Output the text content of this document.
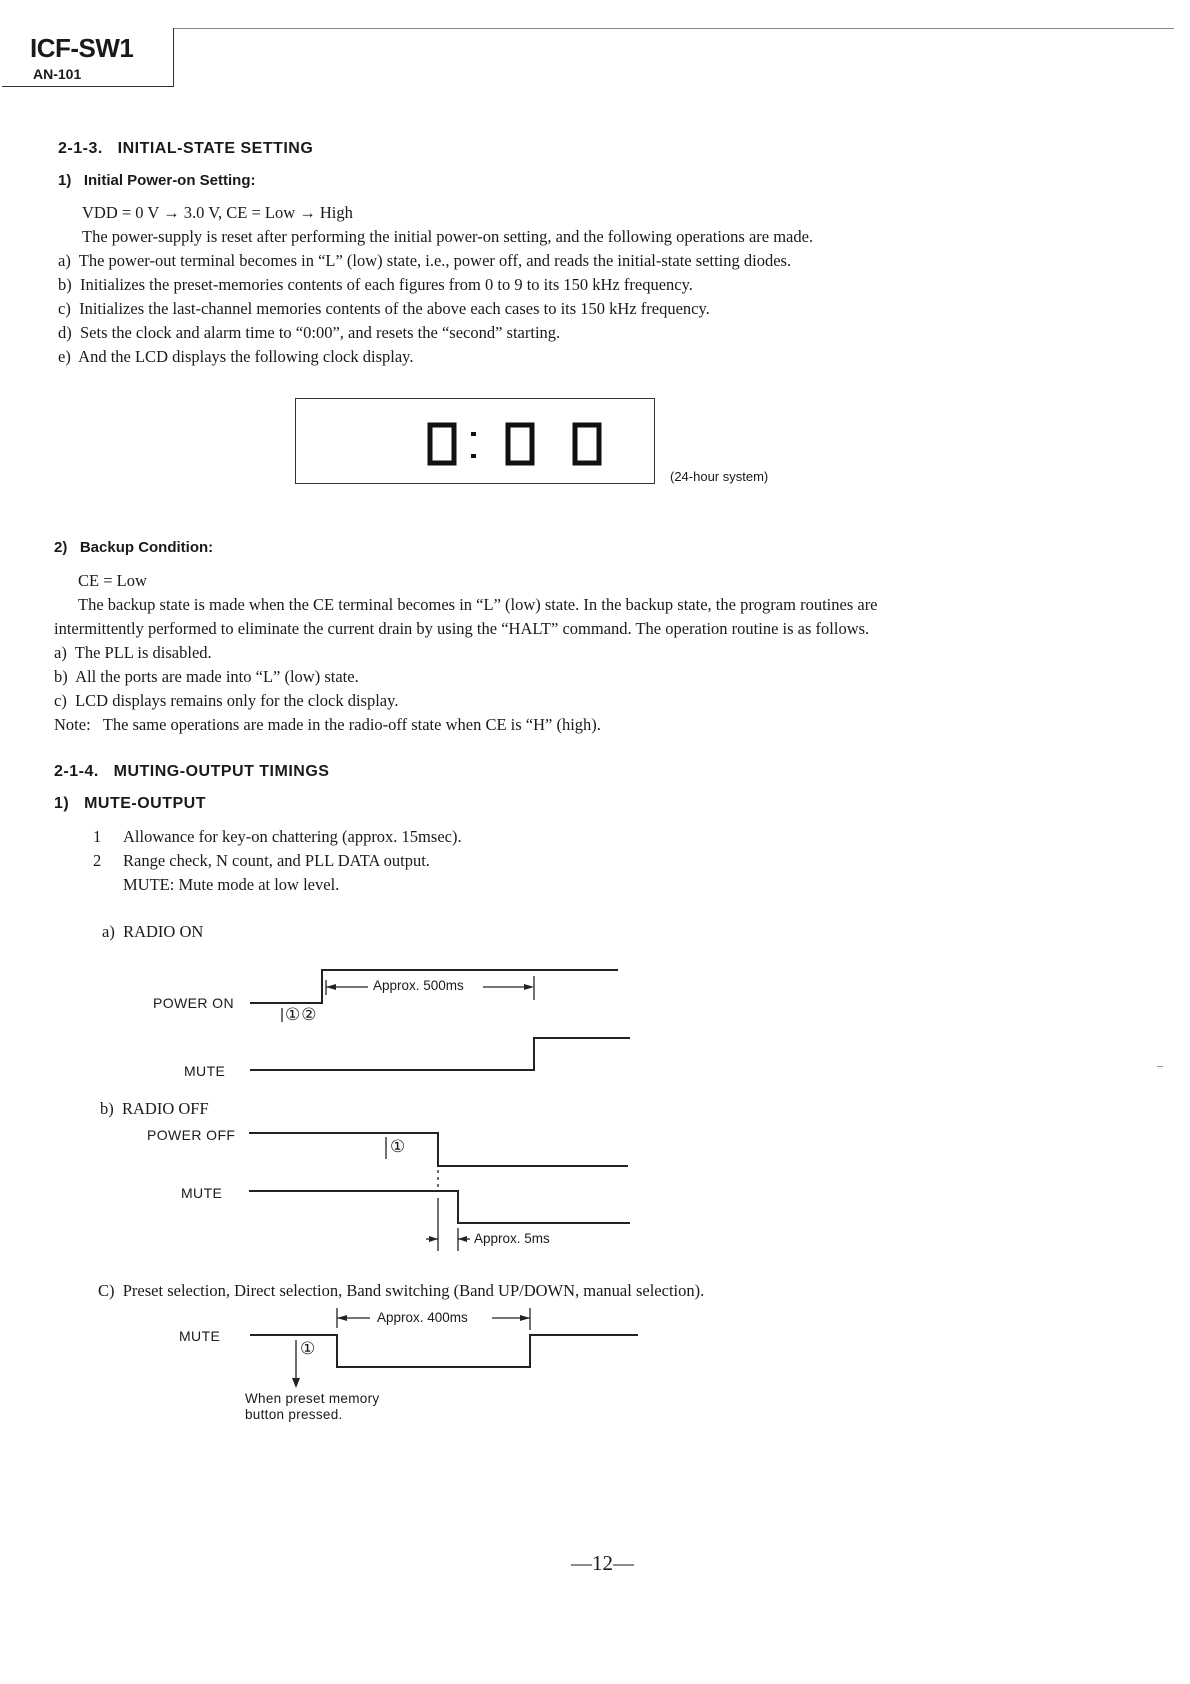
ICF-SW1
AN-101
2-1-3.   INITIAL-STATE SETTING
1)   Initial Power-on Setting:
VDD = 0 V → 3.0 V, CE = Low → High
The power-supply is reset after performing the initial power-on setting, and the following operations are made.
a)  The power-out terminal becomes in “L” (low) state, i.e., power off, and reads the initial-state setting diodes.
b)  Initializes the preset-memories contents of each figures from 0 to 9 to its 150 kHz frequency.
c)  Initializes the last-channel memories contents of the above each cases to its 150 kHz frequency.
d)  Sets the clock and alarm time to “0:00”, and resets the “second” starting.
e)  And the LCD displays the following clock display.
(24-hour system)
2)   Backup Condition:
CE = Low
The backup state is made when the CE terminal becomes in “L” (low) state. In the backup state, the program routines are
intermittently performed to eliminate the current drain by using the “HALT” command. The operation routine is as follows.
a)  The PLL is disabled.
b)  All the ports are made into “L” (low) state.
c)  LCD displays remains only for the clock display.
Note:   The same operations are made in the radio-off state when CE is “H” (high).
2-1-4.   MUTING-OUTPUT TIMINGS
1)   MUTE-OUTPUT
1 Allowance for key-on chattering (approx. 15msec).
2 Range check, N count, and PLL DATA output.
MUTE: Mute mode at low level.
a)  RADIO ON
POWER ON
MUTE
Approx. 500ms
①②
b)  RADIO OFF
POWER OFF
MUTE
①
Approx. 5ms
C)  Preset selection, Direct selection, Band switching (Band UP/DOWN, manual selection).
MUTE
Approx. 400ms
①
When preset memory
button pressed.
—12—
